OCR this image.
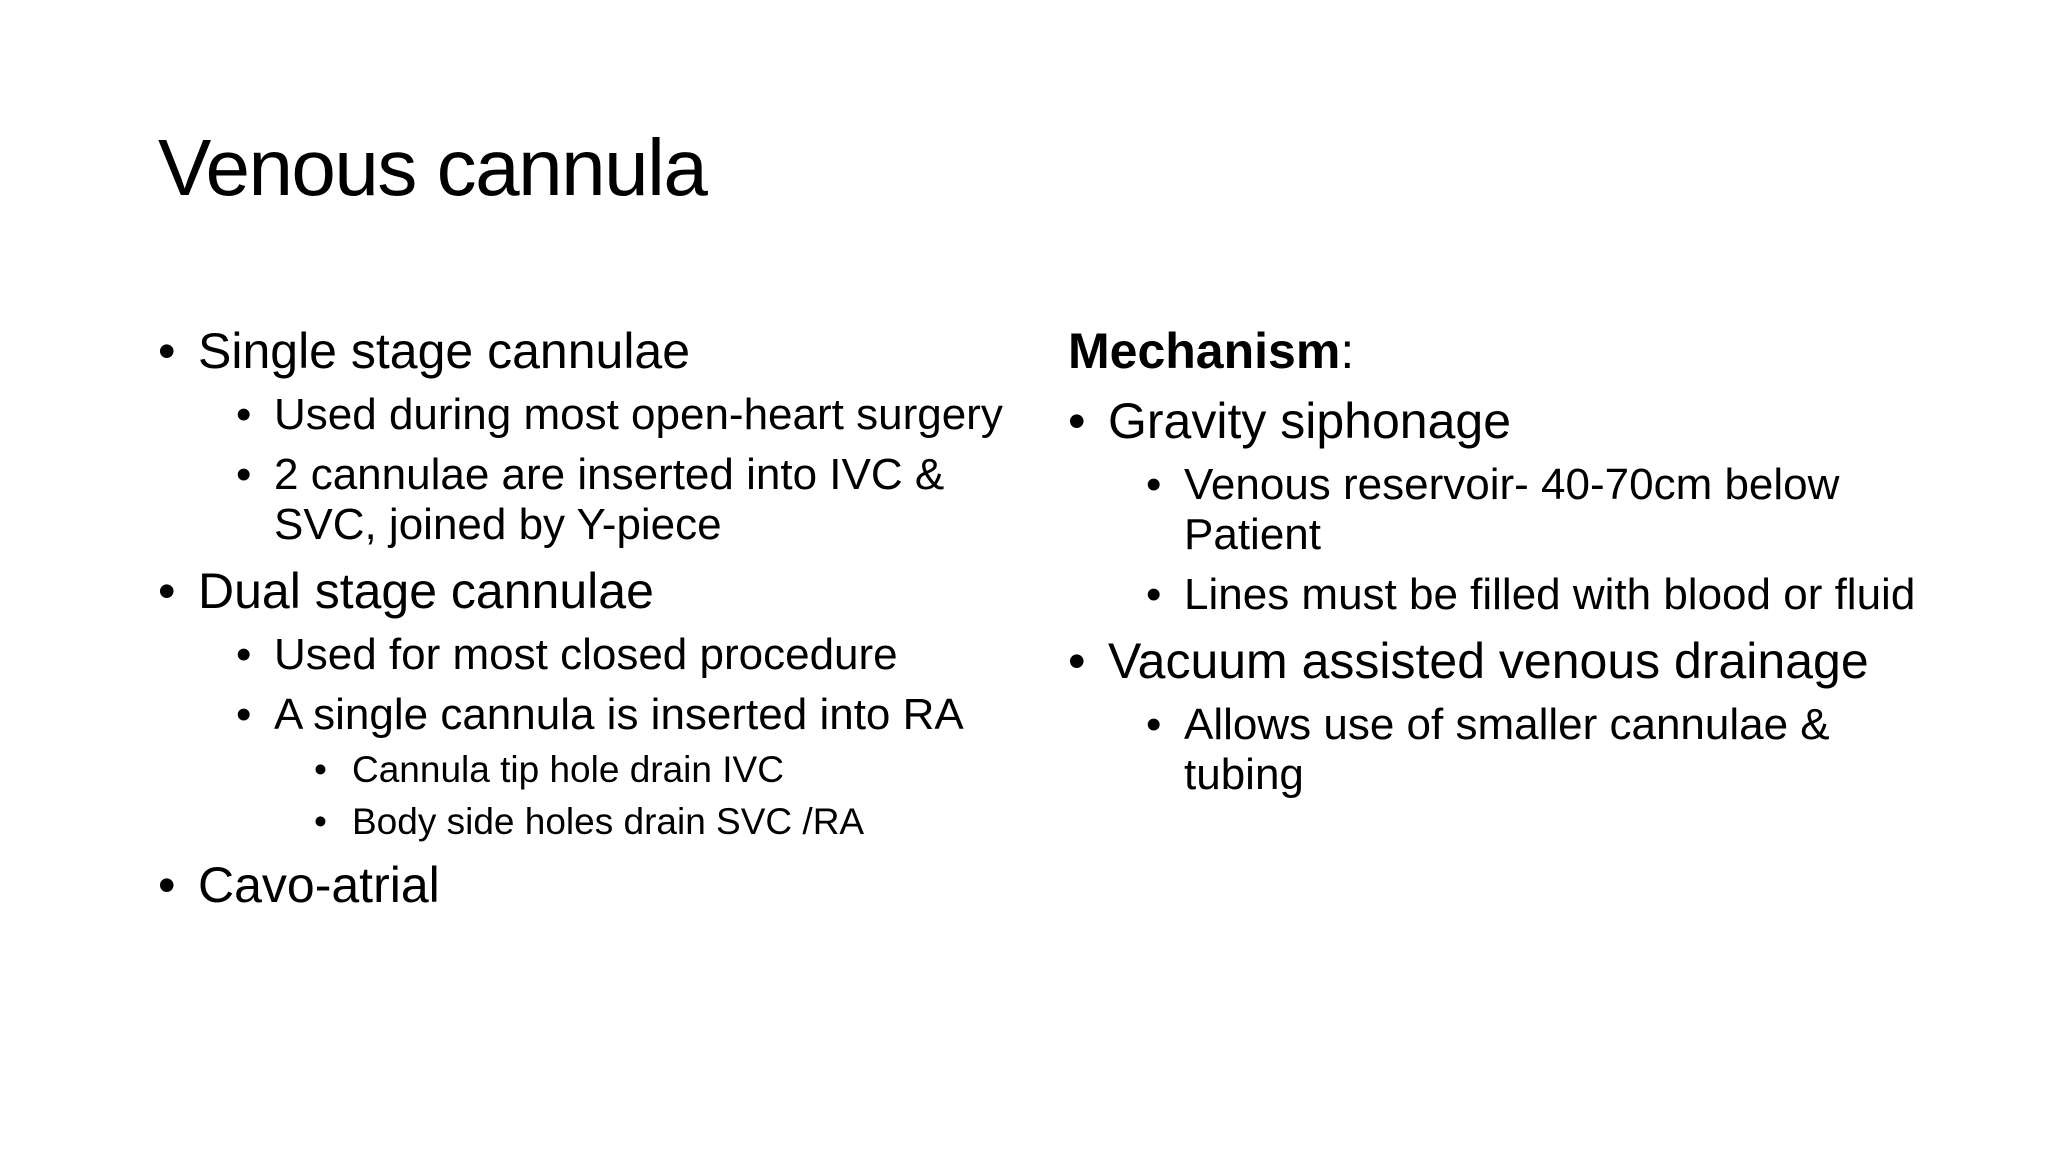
Venous cannula
• Single stage cannulae
• Used during most open-heart surgery
• 2 cannulae are inserted into IVC & SVC, joined by Y-piece
• Dual stage cannulae
• Used for most closed procedure
• A single cannula is inserted into RA
• Cannula tip hole drain IVC
• Body side holes drain SVC /RA
• Cavo-atrial
Mechanism:
• Gravity siphonage
• Venous reservoir- 40-70cm below Patient
• Lines must be filled with blood or fluid
• Vacuum assisted venous drainage
• Allows use of smaller cannulae & tubing
